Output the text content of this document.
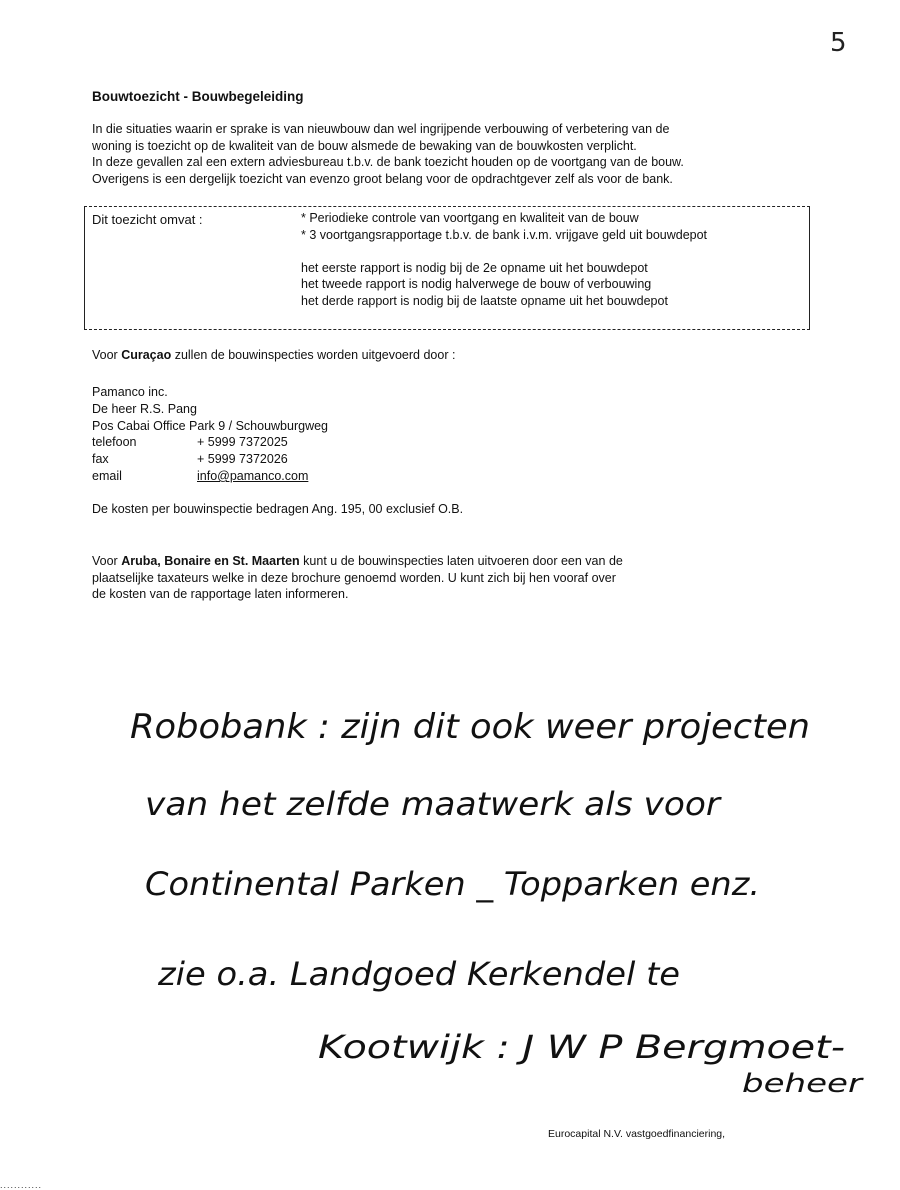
5
Bouwtoezicht - Bouwbegeleiding
In die situaties waarin er sprake is van nieuwbouw dan wel ingrijpende verbouwing of verbetering van de
woning is toezicht op de kwaliteit van de bouw alsmede de bewaking van de bouwkosten verplicht.
In deze gevallen zal een extern adviesbureau t.b.v. de bank toezicht houden op de voortgang van de bouw.
Overigens is een dergelijk toezicht van evenzo groot belang voor de opdrachtgever zelf als voor de bank.
Dit toezicht omvat :	* Periodieke controle van voortgang en kwaliteit van de bouw
* 3 voortgangsrapportage t.b.v. de bank i.v.m. vrijgave geld uit bouwdepot
het eerste rapport is nodig bij de 2e opname uit het bouwdepot
het tweede rapport is nodig halverwege de bouw of verbouwing
het derde rapport is nodig bij de laatste opname uit het bouwdepot
Voor Curaçao zullen de bouwinspecties worden uitgevoerd door :
Pamanco inc.
De heer R.S. Pang
Pos Cabai Office Park 9 / Schouwburgweg
telefoon	+ 5999 7372025
fax	+ 5999 7372026
email	info@pamanco.com
De kosten per bouwinspectie bedragen Ang. 195, 00 exclusief O.B.
Voor Aruba, Bonaire en St. Maarten kunt u de bouwinspecties laten uitvoeren door een van de
plaatselijke taxateurs welke in deze brochure genoemd worden. U kunt zich bij hen vooraf over
de kosten van de rapportage laten informeren.
Robobank : zijn dit ook weer projecten
van het zelfde maatwerk als voor
Continental Parken _ Topparken enz.
zie o.a. Landgoed Kerkendel te
Kootwijk : J W P Bergmoet-
beheer
Eurocapital N.V. vastgoedfinanciering,
............
